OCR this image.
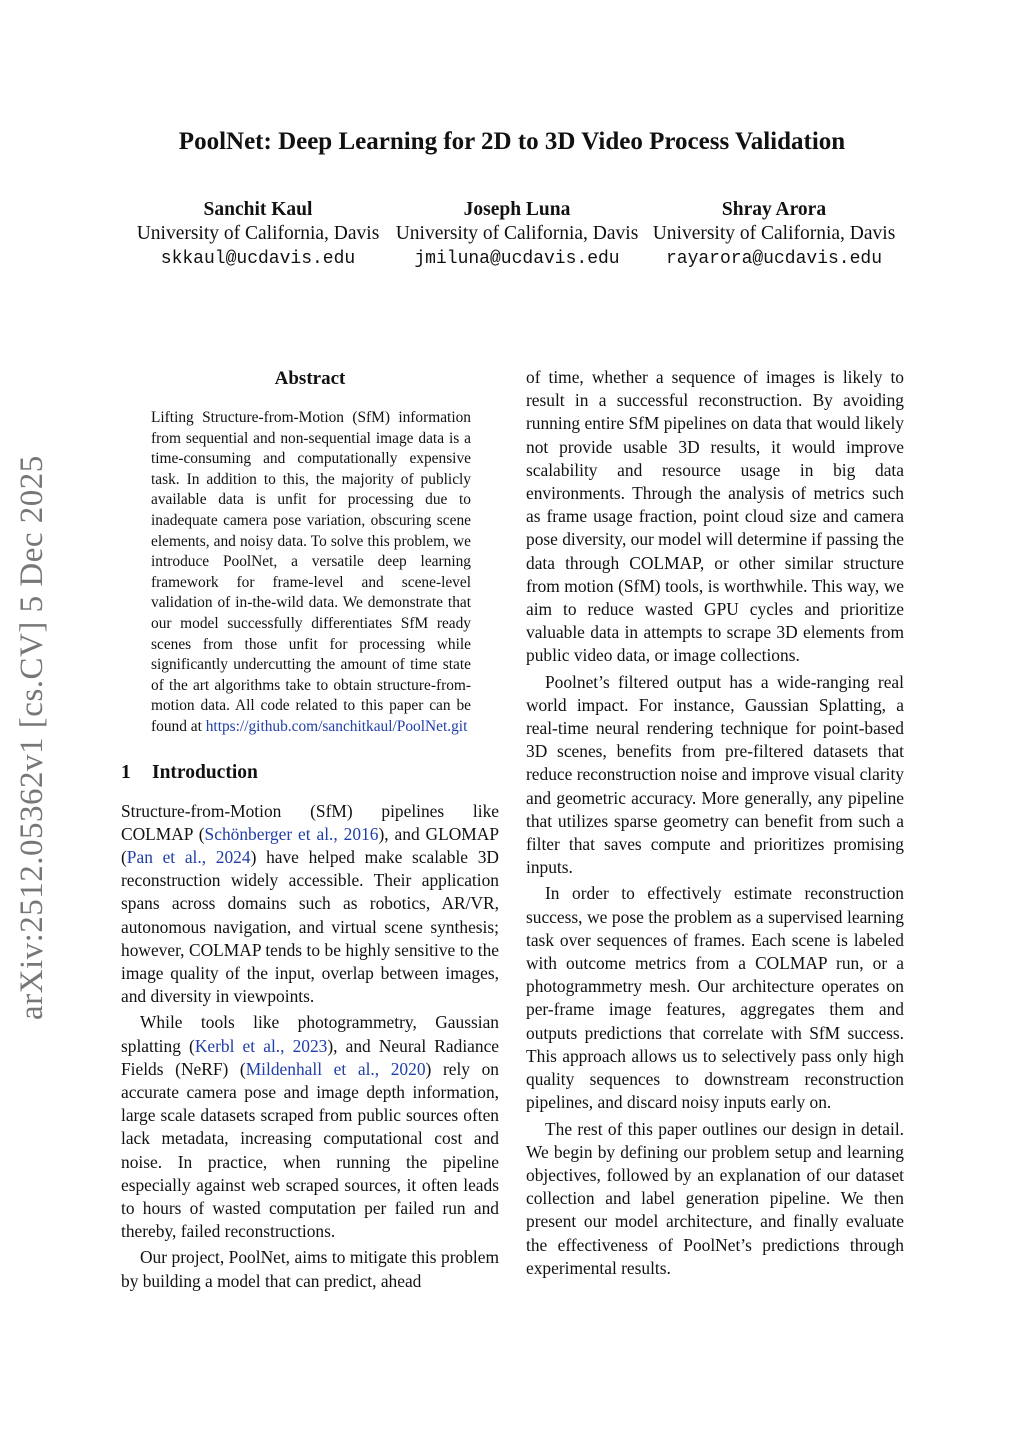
arXiv:2512.05362v1 [cs.CV] 5 Dec 2025
PoolNet: Deep Learning for 2D to 3D Video Process Validation
Sanchit Kaul
University of California, Davis
skkaul@ucdavis.edu
Joseph Luna
University of California, Davis
jmiluna@ucdavis.edu
Shray Arora
University of California, Davis
rayarora@ucdavis.edu
Abstract
Lifting Structure-from-Motion (SfM) information from sequential and non-sequential image data is a time-consuming and computationally expensive task. In addition to this, the majority of publicly available data is unfit for processing due to inadequate camera pose variation, obscuring scene elements, and noisy data. To solve this problem, we introduce PoolNet, a versatile deep learning framework for frame-level and scene-level validation of in-the-wild data. We demonstrate that our model successfully differentiates SfM ready scenes from those unfit for processing while significantly undercutting the amount of time state of the art algorithms take to obtain structure-from-motion data. All code related to this paper can be found at https://github.com/sanchitkaul/PoolNet.git
1 Introduction

Structure-from-Motion (SfM) pipelines like COLMAP (Schönberger et al., 2016), and GLOMAP (Pan et al., 2024) have helped make scalable 3D reconstruction widely accessible. Their application spans across domains such as robotics, AR/VR, autonomous navigation, and virtual scene synthesis; however, COLMAP tends to be highly sensitive to the image quality of the input, overlap between images, and diversity in viewpoints.

While tools like photogrammetry, Gaussian splatting (Kerbl et al., 2023), and Neural Radiance Fields (NeRF) (Mildenhall et al., 2020) rely on accurate camera pose and image depth information, large scale datasets scraped from public sources often lack metadata, increasing computational cost and noise. In practice, when running the pipeline especially against web scraped sources, it often leads to hours of wasted computation per failed run and thereby, failed reconstructions.

Our project, PoolNet, aims to mitigate this problem by building a model that can predict, ahead

of time, whether a sequence of images is likely to result in a successful reconstruction. By avoiding running entire SfM pipelines on data that would likely not provide usable 3D results, it would improve scalability and resource usage in big data environments. Through the analysis of metrics such as frame usage fraction, point cloud size and camera pose diversity, our model will determine if passing the data through COLMAP, or other similar structure from motion (SfM) tools, is worthwhile. This way, we aim to reduce wasted GPU cycles and prioritize valuable data in attempts to scrape 3D elements from public video data, or image collections.

Poolnet’s filtered output has a wide-ranging real world impact. For instance, Gaussian Splatting, a real-time neural rendering technique for point-based 3D scenes, benefits from pre-filtered datasets that reduce reconstruction noise and improve visual clarity and geometric accuracy. More generally, any pipeline that utilizes sparse geometry can benefit from such a filter that saves compute and prioritizes promising inputs.

In order to effectively estimate reconstruction success, we pose the problem as a supervised learning task over sequences of frames. Each scene is labeled with outcome metrics from a COLMAP run, or a photogrammetry mesh. Our architecture operates on per-frame image features, aggregates them and outputs predictions that correlate with SfM success. This approach allows us to selectively pass only high quality sequences to downstream reconstruction pipelines, and discard noisy inputs early on.

The rest of this paper outlines our design in detail. We begin by defining our problem setup and learning objectives, followed by an explanation of our dataset collection and label generation pipeline. We then present our model architecture, and finally evaluate the effectiveness of PoolNet’s predictions through experimental results.
